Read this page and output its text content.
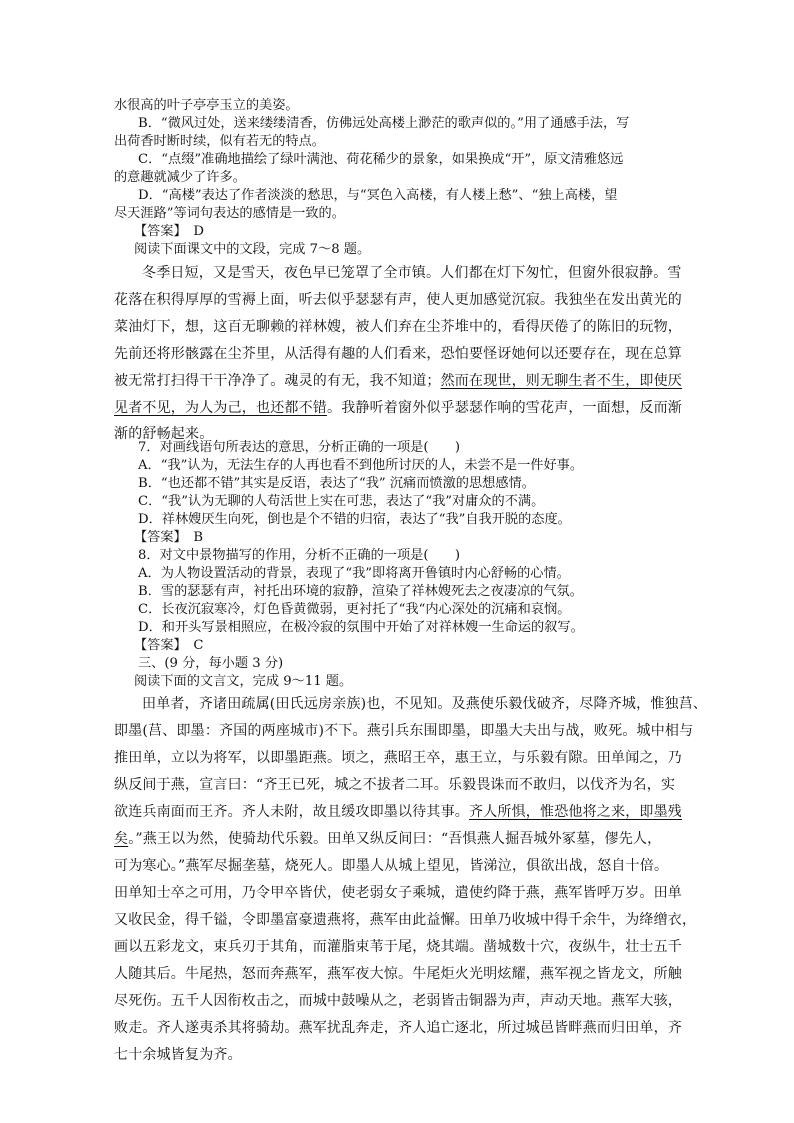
水很高的叶子亭亭玉立的美姿。
B．“微风过处，送来缕缕清香，仿佛远处高楼上渺茫的歌声似的。”用了通感手法，写
出荷香时断时续，似有若无的特点。
C．“点缀”准确地描绘了绿叶满池、荷花稀少的景象，如果换成“开”，原文清雅悠远
的意趣就减少了许多。
D．“高楼”表达了作者淡淡的愁思，与“冥色入高楼，有人楼上愁”、“独上高楼，望
尽天涯路”等词句表达的感情是一致的。
【答案】　D
阅读下面课文中的文段，完成 7～8 题。
冬季日短，又是雪天，夜色早已笼罩了全市镇。人们都在灯下匆忙，但窗外很寂静。雪
花落在积得厚厚的雪褥上面，听去似乎瑟瑟有声，使人更加感觉沉寂。我独坐在发出黄光的
菜油灯下，想，这百无聊赖的祥林嫂，被人们弃在尘芥堆中的，看得厌倦了的陈旧的玩物，
先前还将形骸露在尘芥里，从活得有趣的人们看来，恐怕要怪讶她何以还要存在，现在总算
被无常打扫得干干净净了。魂灵的有无，我不知道；然而在现世，则无聊生者不生，即使厌
见者不见，为人为己，也还都不错。我静听着窗外似乎瑟瑟作响的雪花声，一面想，反而渐
渐的舒畅起来。
7．对画线语句所表达的意思，分析正确的一项是(　　)
A．“我”认为，无法生存的人再也看不到他所讨厌的人，未尝不是一件好事。
B．“也还都不错”其实是反语，表达了“我” 沉痛而愤激的思想感情。
C．“我”认为无聊的人苟活世上实在可悲，表达了“我”对庸众的不满。
D．祥林嫂厌生向死，倒也是个不错的归宿，表达了“我”自我开脱的态度。
【答案】　B
8．对文中景物描写的作用，分析不正确的一项是(　　)
A．为人物设置活动的背景，表现了“我”即将离开鲁镇时内心舒畅的心情。
B．雪的瑟瑟有声，衬托出环境的寂静，渲染了祥林嫂死去之夜凄凉的气氛。
C．长夜沉寂寒冷，灯色昏黄微弱，更衬托了“我“内心深处的沉痛和哀悯。
D．和开头写景相照应，在极冷寂的氛围中开始了对祥林嫂一生命运的叙写。
【答案】　C
三、(9 分，每小题 3 分)
阅读下面的文言文，完成 9～11 题。
田单者，齐诸田疏属(田氏远房亲族)也，不见知。及燕使乐毅伐破齐，尽降齐城，惟独莒、
即墨(莒、即墨：齐国的两座城市)不下。燕引兵东围即墨，即墨大夫出与战，败死。城中相与
推田单，立以为将军，以即墨距燕。顷之，燕昭王卒，惠王立，与乐毅有隙。田单闻之，乃
纵反间于燕，宣言曰：“齐王已死，城之不拔者二耳。乐毅畏诛而不敢归，以伐齐为名，实
欲连兵南面而王齐。齐人未附，故且缓攻即墨以待其事。齐人所惧，惟恐他将之来，即墨残
矣。”燕王以为然，使骑劫代乐毅。田单又纵反间曰：“吾惧燕人掘吾城外冢墓，僇先人，
可为寒心。”燕军尽掘垄墓，烧死人。即墨人从城上望见，皆涕泣，俱欲出战，怒自十倍。
田单知士卒之可用，乃令甲卒皆伏，使老弱女子乘城，遣使约降于燕，燕军皆呼万岁。田单
又收民金，得千镒，令即墨富豪遗燕将，燕军由此益懈。田单乃收城中得千余牛，为绛缯衣，
画以五彩龙文，束兵刃于其角，而灌脂束苇于尾，烧其端。凿城数十穴，夜纵牛，壮士五千
人随其后。牛尾热，怒而奔燕军，燕军夜大惊。牛尾炬火光明炫耀，燕军视之皆龙文，所触
尽死伤。五千人因衔枚击之，而城中鼓噪从之，老弱皆击铜器为声，声动天地。燕军大骇，
败走。齐人遂夷杀其将骑劫。燕军扰乱奔走，齐人追亡逐北，所过城邑皆畔燕而归田单，齐
七十余城皆复为齐。
